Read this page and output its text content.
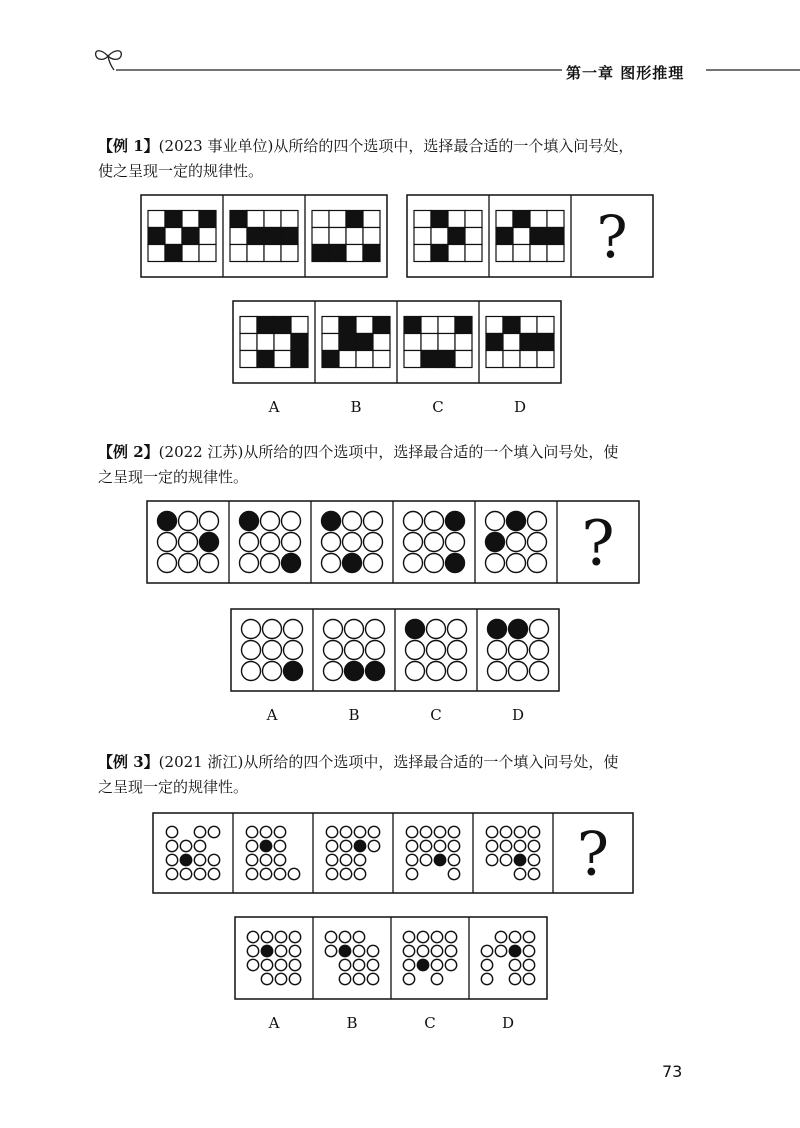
第一章 图形推理
【例 1】(2023 事业单位)从所给的四个选项中，选择最合适的一个填入问号处，
使之呈现一定的规律性。
?
A	B	C	D
【例 2】(2022 江苏)从所给的四个选项中，选择最合适的一个填入问号处，使
之呈现一定的规律性。
?
A	B	C	D
【例 3】(2021 浙江)从所给的四个选项中，选择最合适的一个填入问号处，使
之呈现一定的规律性。
?
A	B	C	D
73
